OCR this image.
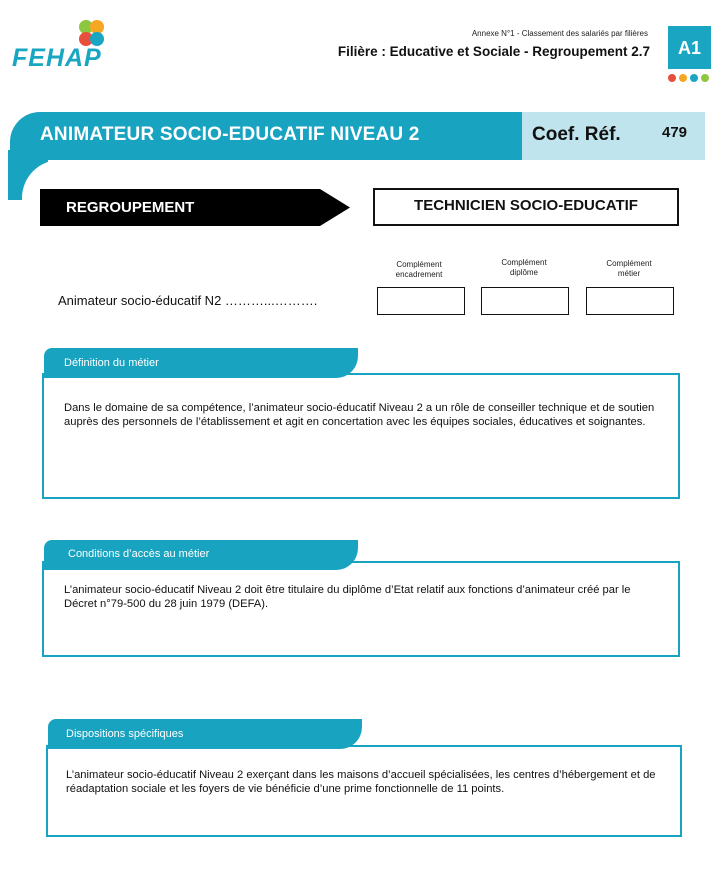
FEHAP
Annexe N°1 - Classement des salariés par filières
Filière : Educative et Sociale - Regroupement 2.7	A1
ANIMATEUR SOCIO-EDUCATIF NIVEAU 2	Coef. Réf.	479
REGROUPEMENT	TECHNICIEN SOCIO-EDUCATIF
Complément
encadrement
Complément
diplôme
Complément
métier
Animateur socio-éducatif N2 ………...……….
Définition du métier
Dans le domaine de sa compétence, l’animateur socio-éducatif Niveau 2 a un rôle de conseiller technique et de soutien auprès des personnels de l’établissement et agit en concertation avec les équipes sociales, éducatives et soignantes.
Conditions d’accès au métier
L’animateur socio-éducatif Niveau 2 doit être titulaire du diplôme d’Etat relatif aux fonctions d’animateur créé par le Décret n°79-500 du 28 juin 1979 (DEFA).
Dispositions spécifiques
L’animateur socio-éducatif Niveau 2 exerçant dans les maisons d’accueil spécialisées, les centres d’hébergement et de réadaptation sociale et les foyers de vie bénéficie d’une prime fonctionnelle de 11 points.
